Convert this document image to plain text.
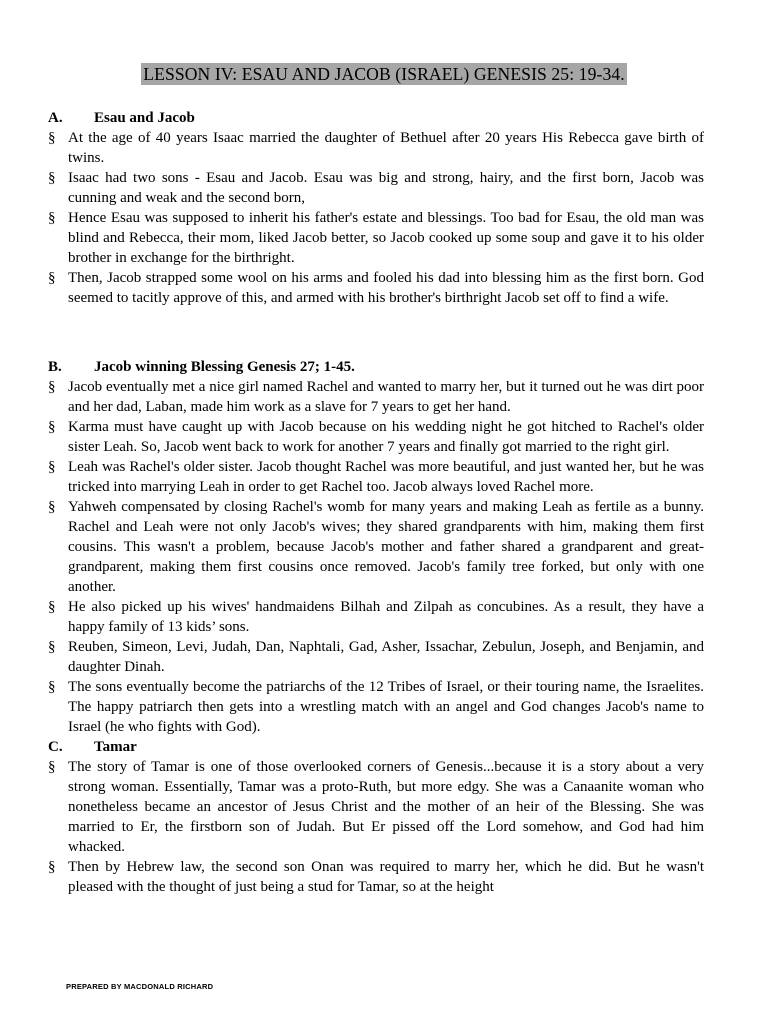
LESSON IV: ESAU AND JACOB (ISRAEL) GENESIS 25: 19-34.
A. Esau and Jacob

§ At the age of 40 years Isaac married the daughter of Bethuel after 20 years His Rebecca gave birth of twins.

§ Isaac had two sons - Esau and Jacob. Esau was big and strong, hairy, and the first born, Jacob was cunning and weak and the second born,

§ Hence Esau was supposed to inherit his father's estate and blessings. Too bad for Esau, the old man was blind and Rebecca, their mom, liked Jacob better, so Jacob cooked up some soup and gave it to his older brother in exchange for the birthright.

§ Then, Jacob strapped some wool on his arms and fooled his dad into blessing him as the first born. God seemed to tacitly approve of this, and armed with his brother's birthright Jacob set off to find a wife.

B. Jacob winning Blessing Genesis 27; 1-45.

§ Jacob eventually met a nice girl named Rachel and wanted to marry her, but it turned out he was dirt poor and her dad, Laban, made him work as a slave for 7 years to get her hand.

§ Karma must have caught up with Jacob because on his wedding night he got hitched to Rachel's older sister Leah. So, Jacob went back to work for another 7 years and finally got married to the right girl.

§ Leah was Rachel's older sister. Jacob thought Rachel was more beautiful, and just wanted her, but he was tricked into marrying Leah in order to get Rachel too. Jacob always loved Rachel more.

§ Yahweh compensated by closing Rachel's womb for many years and making Leah as fertile as a bunny. Rachel and Leah were not only Jacob's wives; they shared grandparents with him, making them first cousins. This wasn't a problem, because Jacob's mother and father shared a grandparent and great-grandparent, making them first cousins once removed. Jacob's family tree forked, but only with one another.

§ He also picked up his wives' handmaidens Bilhah and Zilpah as concubines. As a result, they have a happy family of 13 kids’ sons.

§ Reuben, Simeon, Levi, Judah, Dan, Naphtali, Gad, Asher, Issachar, Zebulun, Joseph, and Benjamin, and daughter Dinah.

§ The sons eventually become the patriarchs of the 12 Tribes of Israel, or their touring name, the Israelites. The happy patriarch then gets into a wrestling match with an angel and God changes Jacob's name to Israel (he who fights with God).

C. Tamar

§ The story of Tamar is one of those overlooked corners of Genesis...because it is a story about a very strong woman. Essentially, Tamar was a proto-Ruth, but more edgy. She was a Canaanite woman who nonetheless became an ancestor of Jesus Christ and the mother of an heir of the Blessing. She was married to Er, the firstborn son of Judah. But Er pissed off the Lord somehow, and God had him whacked.

§ Then by Hebrew law, the second son Onan was required to marry her, which he did. But he wasn't pleased with the thought of just being a stud for Tamar, so at the height

PREPARED BY MACDONALD RICHARD
